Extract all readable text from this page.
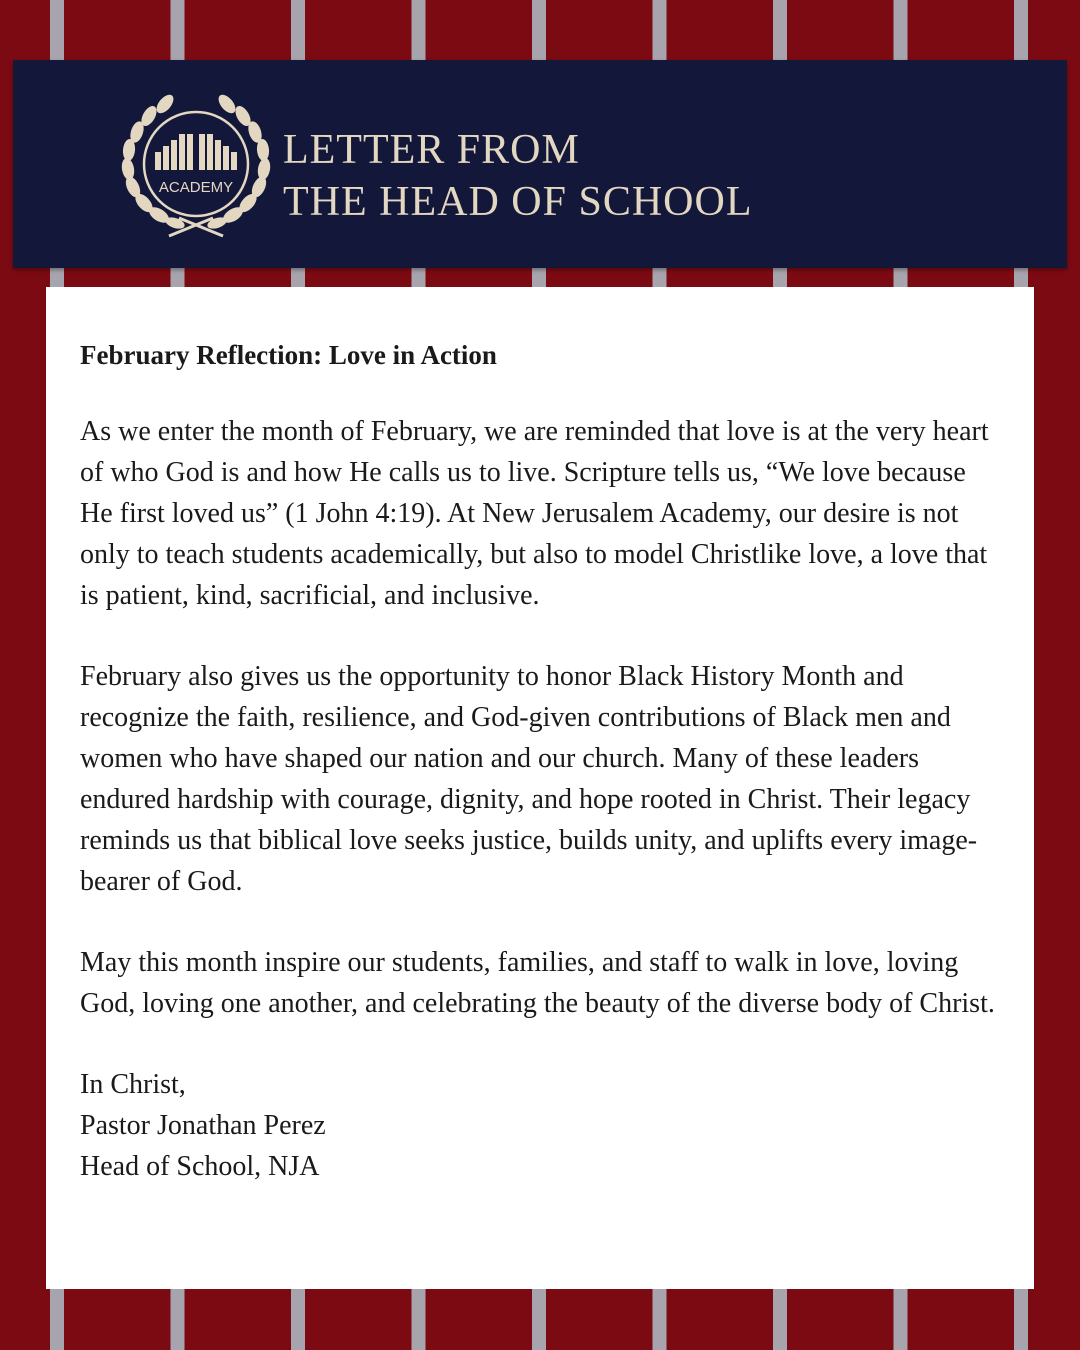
ACADEMY
LETTER FROM
THE HEAD OF SCHOOL
February Reflection: Love in Action

As we enter the month of February, we are reminded that love is at the very heart of who God is and how He calls us to live. Scripture tells us, “We love because He first loved us” (1 John 4:19). At New Jerusalem Academy, our desire is not only to teach students academically, but also to model Christlike love, a love that is patient, kind, sacrificial, and inclusive.

February also gives us the opportunity to honor Black History Month and recognize the faith, resilience, and God-given contributions of Black men and women who have shaped our nation and our church. Many of these leaders endured hardship with courage, dignity, and hope rooted in Christ. Their legacy reminds us that biblical love seeks justice, builds unity, and uplifts every image-bearer of God.

May this month inspire our students, families, and staff to walk in love, loving God, loving one another, and celebrating the beauty of the diverse body of Christ.

In Christ,
Pastor Jonathan Perez
Head of School, NJA
